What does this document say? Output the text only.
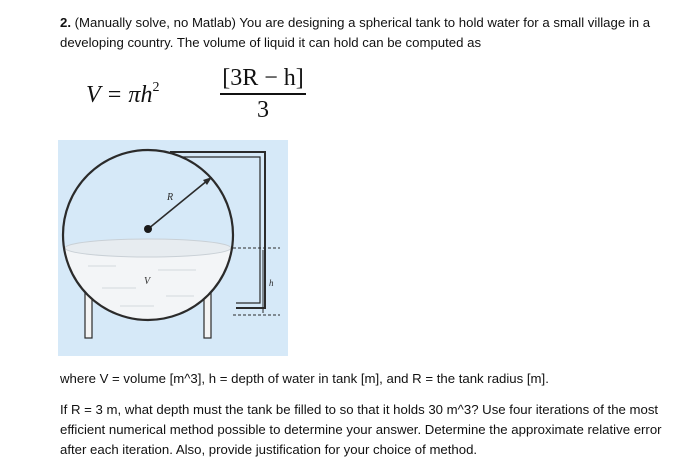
2. (Manually solve, no Matlab) You are designing a spherical tank to hold water for a small village in a developing country. The volume of liquid it can hold can be computed as
$V = \pi h^2$	[3R − h]
3
R
V	h
where V = volume [m^3], h = depth of water in tank [m], and R = the tank radius [m].
If R = 3 m, what depth must the tank be filled to so that it holds 30 m^3? Use four iterations of the most efficient numerical method possible to determine your answer. Determine the approximate relative error after each iteration. Also, provide justification for your choice of method.
